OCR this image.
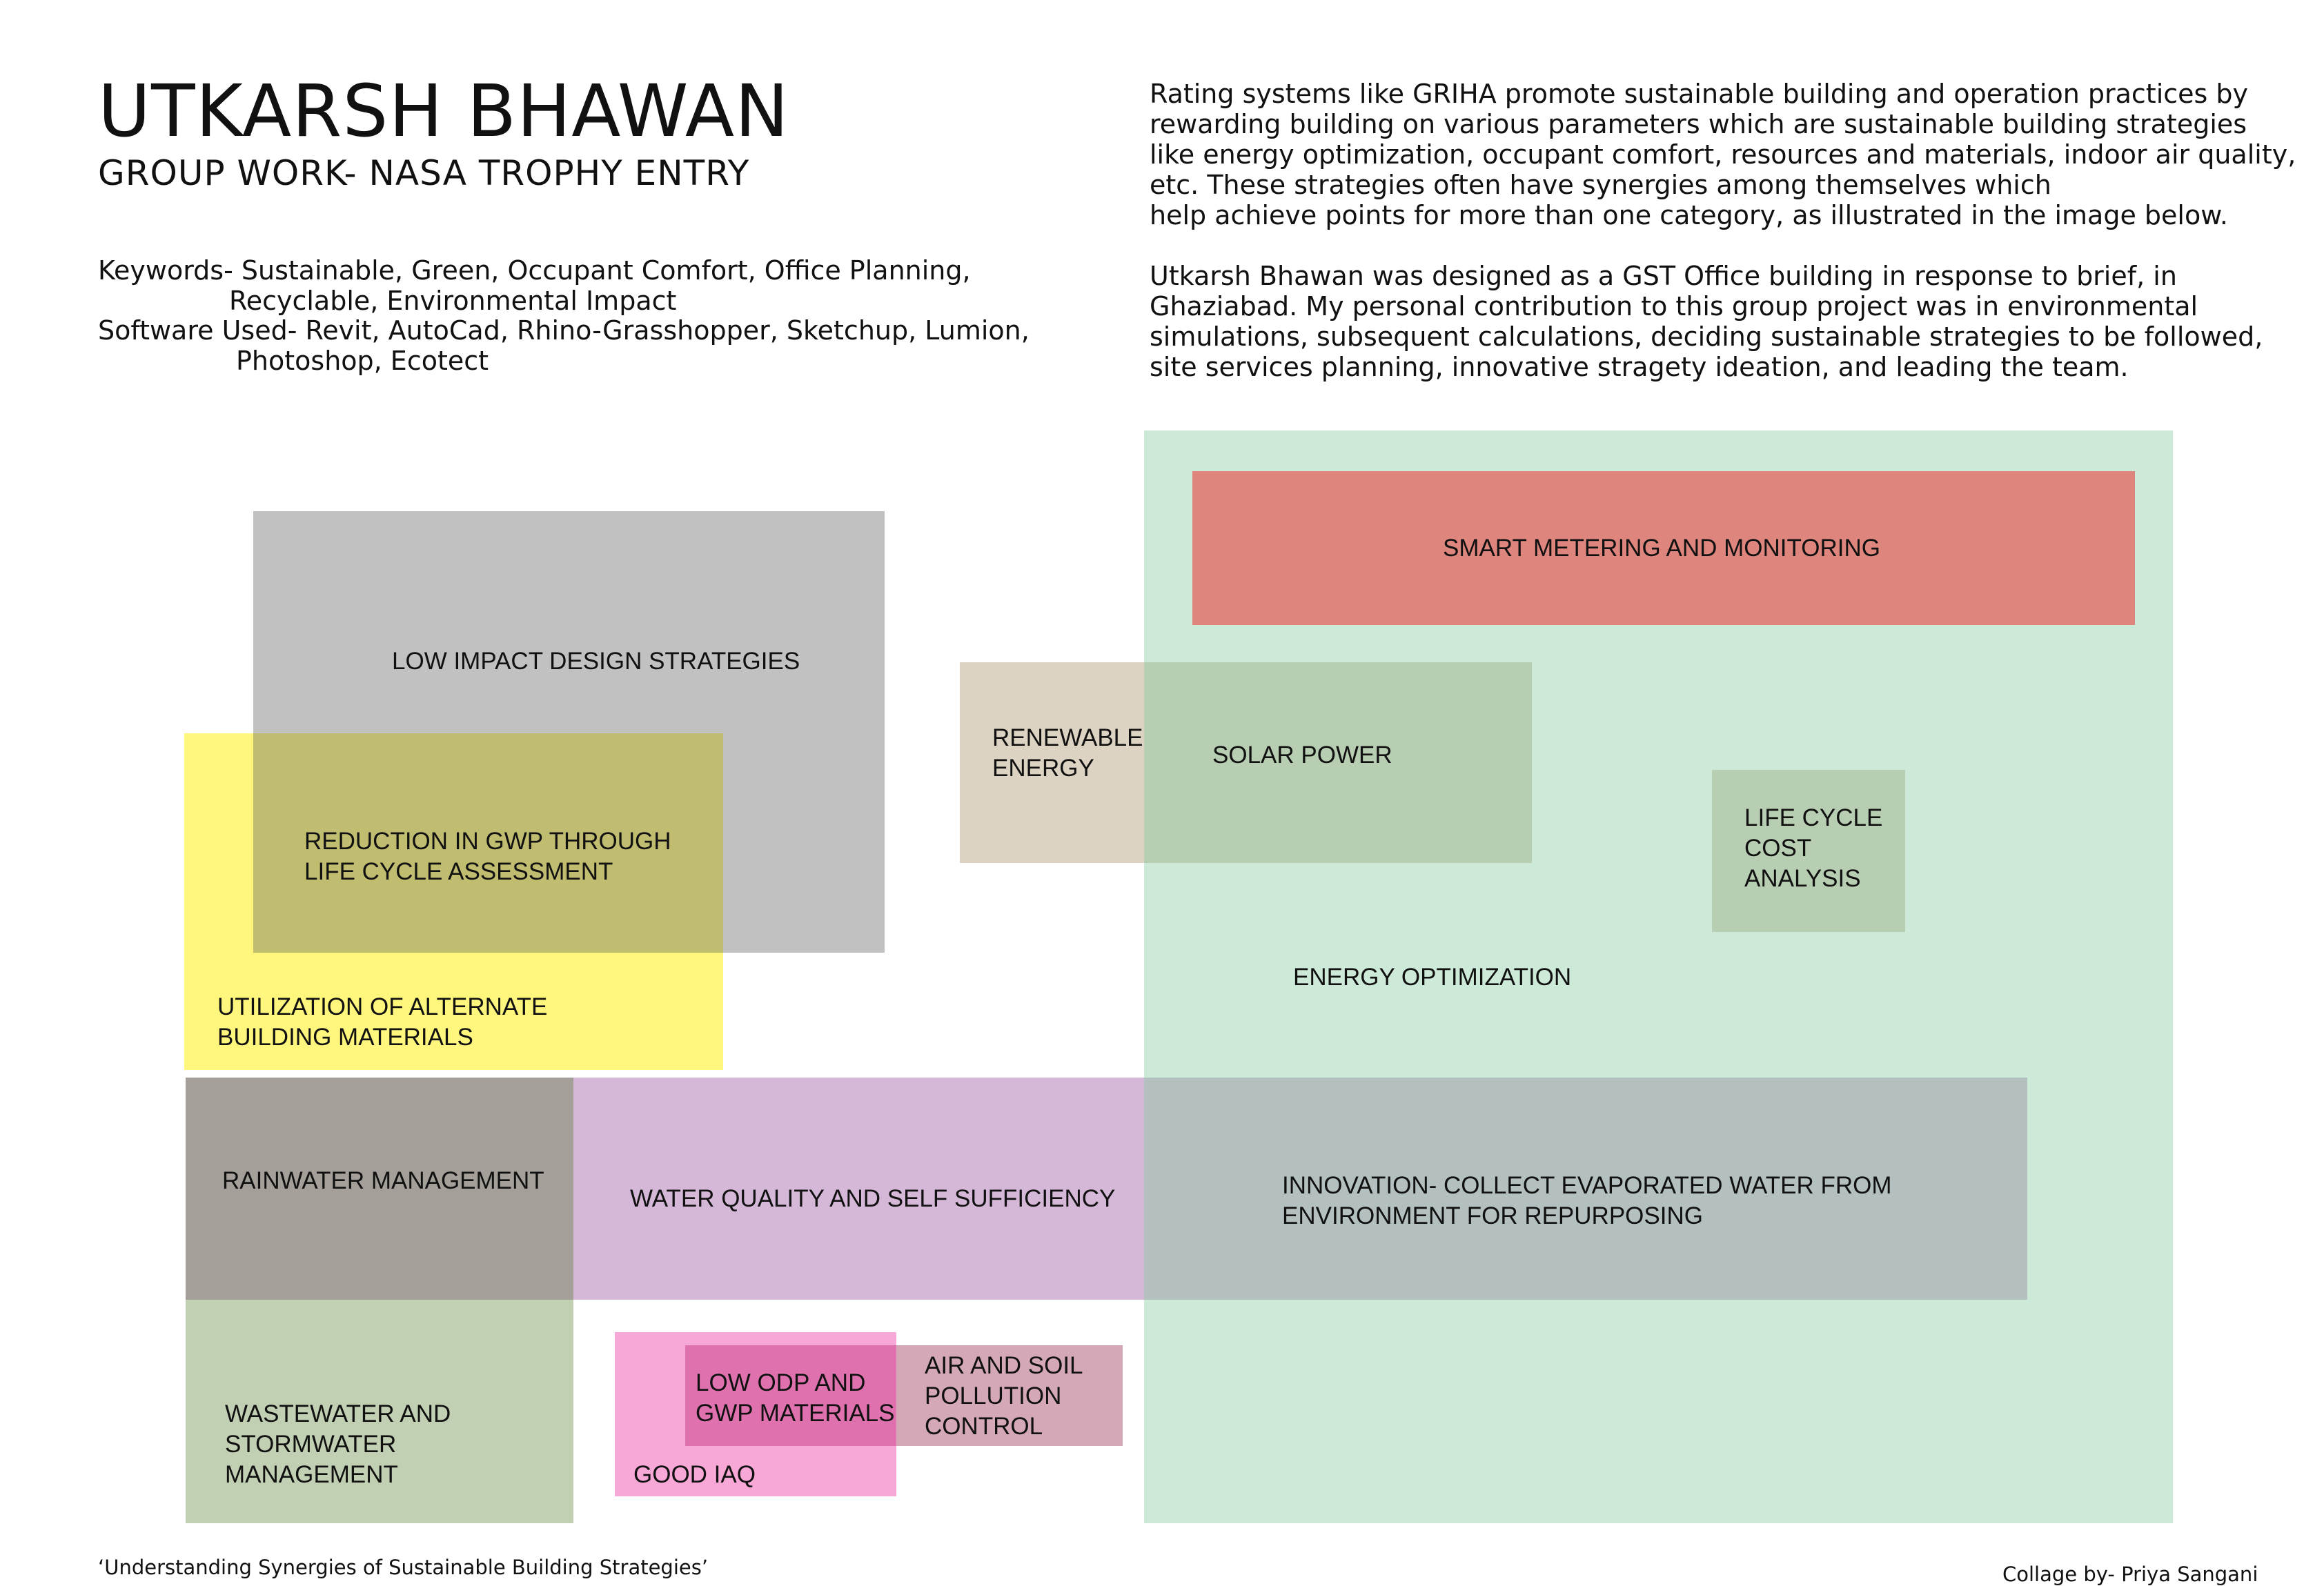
UTKARSH BHAWAN
GROUP WORK- NASA TROPHY ENTRY
Keywords- Sustainable, Green, Occupant Comfort, Office Planning,
Recyclable, Environmental Impact
Software Used- Revit, AutoCad, Rhino-Grasshopper, Sketchup, Lumion,
Photoshop, Ecotect
Rating systems like GRIHA promote sustainable building and operation practices by
rewarding building on various parameters which are sustainable building strategies
like energy optimization, occupant comfort, resources and materials, indoor air quality,
etc. These strategies often have synergies among themselves which
help achieve points for more than one category, as illustrated in the image below.
Utkarsh Bhawan was designed as a GST Office building in response to brief, in
Ghaziabad. My personal contribution to this group project was in environmental
simulations, subsequent calculations, deciding sustainable strategies to be followed,
site services planning, innovative stragety ideation, and leading the team.
SMART METERING AND MONITORING
LOW IMPACT DESIGN STRATEGIES
REDUCTION IN GWP THROUGH
LIFE CYCLE ASSESSMENT
UTILIZATION OF ALTERNATE
BUILDING MATERIALS
RENEWABLE
ENERGY	SOLAR POWER
LIFE CYCLE
COST
ANALYSIS
ENERGY OPTIMIZATION
RAINWATER MANAGEMENT
WATER QUALITY AND SELF SUFFICIENCY	INNOVATION- COLLECT EVAPORATED WATER FROM
ENVIRONMENT FOR REPURPOSING
WASTEWATER AND
STORMWATER
MANAGEMENT
LOW ODP AND
GWP MATERIALS
AIR AND SOIL
POLLUTION
CONTROL
GOOD IAQ
‘Understanding Synergies of Sustainable Building Strategies’	Collage by- Priya Sangani
